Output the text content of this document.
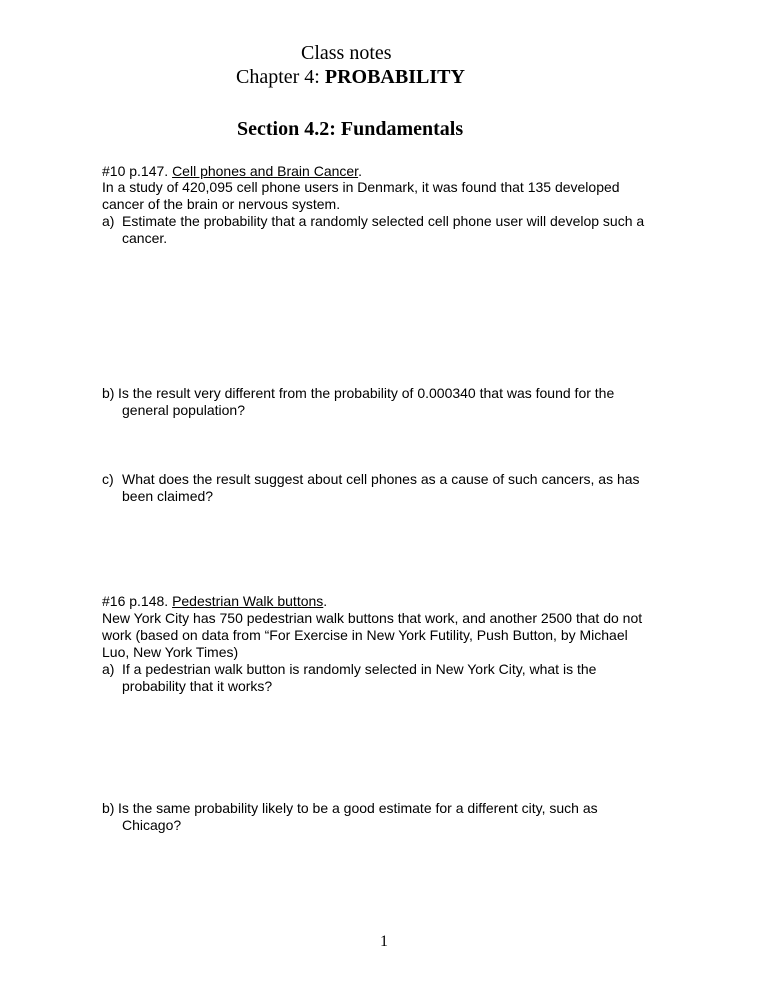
Class notes
Chapter 4: PROBABILITY
Section 4.2: Fundamentals
#10 p.147. Cell phones and Brain Cancer.
In a study of 420,095 cell phone users in Denmark, it was found that 135 developed
cancer of the brain or nervous system.
a) Estimate the probability that a randomly selected cell phone user will develop such a
cancer.
b) Is the result very different from the probability of 0.000340 that was found for the
general population?
c) What does the result suggest about cell phones as a cause of such cancers, as has
been claimed?
#16 p.148. Pedestrian Walk buttons.
New York City has 750 pedestrian walk buttons that work, and another 2500 that do not
work (based on data from “For Exercise in New York Futility, Push Button, by Michael
Luo, New York Times)
a) If a pedestrian walk button is randomly selected in New York City, what is the
probability that it works?
b) Is the same probability likely to be a good estimate for a different city, such as
Chicago?
1
